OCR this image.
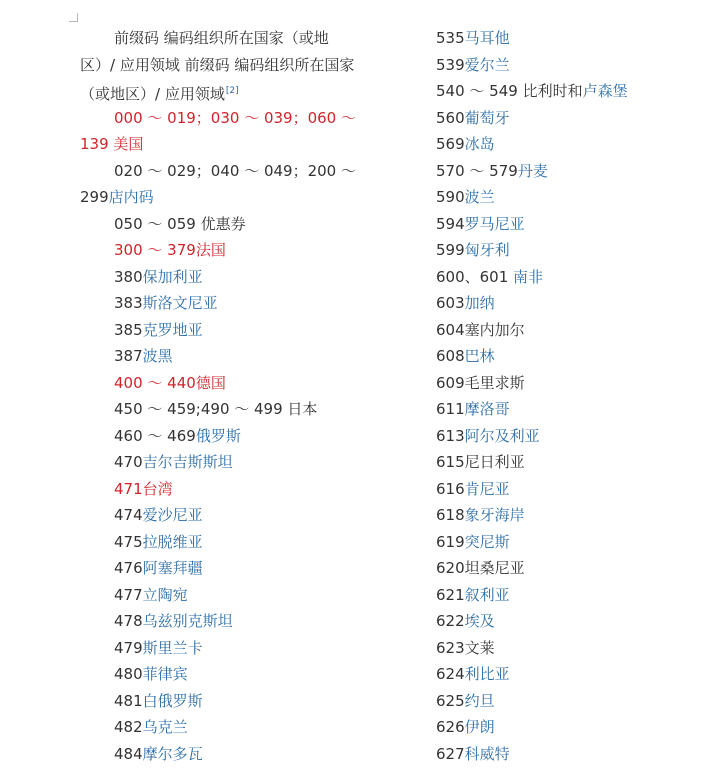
前缀码 编码组织所在国家（或地
区）/ 应用领域 前缀码 编码组织所在国家
（或地区）/ 应用领域[2]
000 ～ 019；030 ～ 039；060 ～
139 美国
020 ～ 029；040 ～ 049；200 ～
299店内码
050 ～ 059 优惠券
300 ～ 379法国
380保加利亚
383斯洛文尼亚
385克罗地亚
387波黑
400 ～ 440德国
450 ～ 459;490 ～ 499 日本
460 ～ 469俄罗斯
470吉尔吉斯斯坦
471台湾
474爱沙尼亚
475拉脱维亚
476阿塞拜疆
477立陶宛
478乌兹别克斯坦
479斯里兰卡
480菲律宾
481白俄罗斯
482乌克兰
484摩尔多瓦
535马耳他
539爱尔兰
540 ～ 549 比利时和卢森堡
560葡萄牙
569冰岛
570 ～ 579丹麦
590波兰
594罗马尼亚
599匈牙利
600、601 南非
603加纳
604塞内加尔
608巴林
609毛里求斯
611摩洛哥
613阿尔及利亚
615尼日利亚
616肯尼亚
618象牙海岸
619突尼斯
620坦桑尼亚
621叙利亚
622埃及
623文莱
624利比亚
625约旦
626伊朗
627科威特
